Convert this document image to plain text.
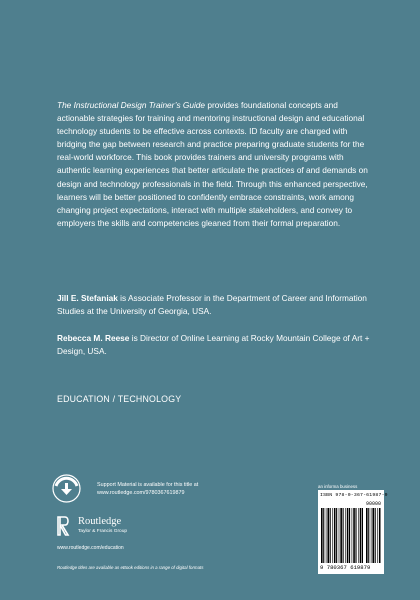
The Instructional Design Trainer’s Guide provides foundational concepts and actionable strategies for training and mentoring instructional design and educational technology students to be effective across contexts. ID faculty are charged with bridging the gap between research and practice preparing graduate students for the real-world workforce. This book provides trainers and university programs with authentic learning experiences that better articulate the practices of and demands on design and technology professionals in the field. Through this enhanced perspective, learners will be better positioned to confidently embrace constraints, work among changing project expectations, interact with multiple stakeholders, and convey to employers the skills and competencies gleaned from their formal preparation.

Jill E. Stefaniak is Associate Professor in the Department of Career and Information Studies at the University of Georgia, USA.

Rebecca M. Reese is Director of Online Learning at Rocky Mountain College of Art + Design, USA.

EDUCATION / TECHNOLOGY
Support Material is available for this title at
www.routledge.com/9780367619879
Routledge
Taylor & Francis Group
www.routledge.com/education
Routledge titles are available as eBook editions in a range of digital formats
an informa business
ISBN 978-0-367-61987-9
90000
9 780367 619879
